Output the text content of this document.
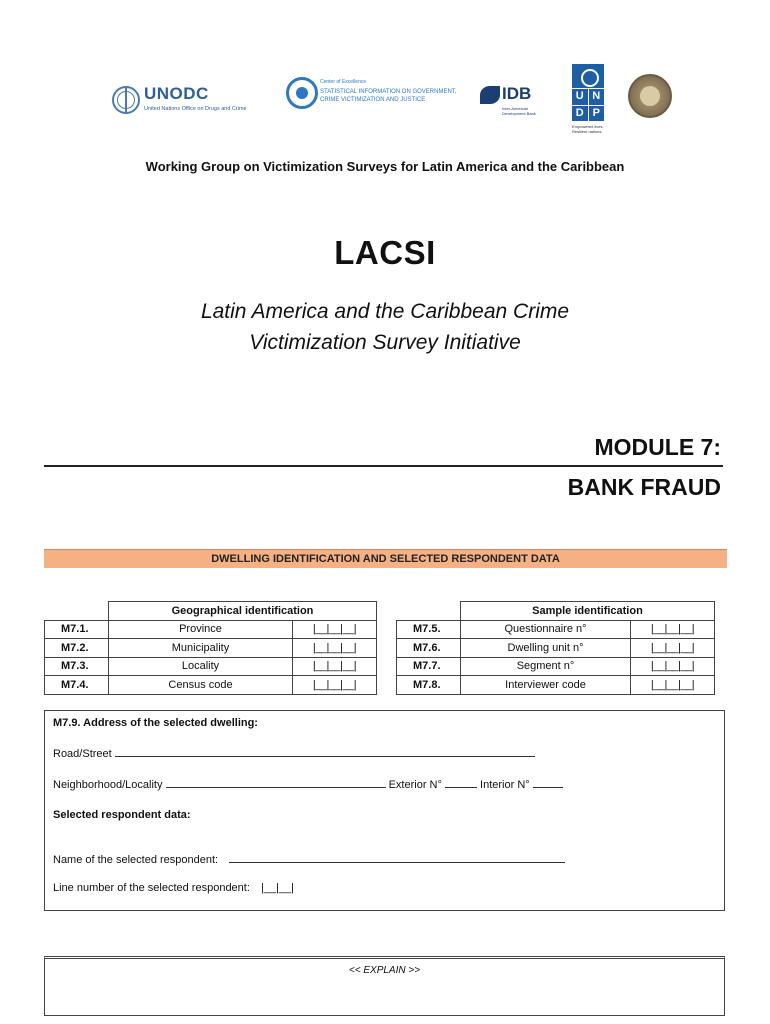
UNODC
United Nations Office on Drugs and Crime
Center of Excellence
STATISTICAL INFORMATION ON GOVERNMENT,
CRIME VICTIMIZATION AND JUSTICE	IDB
Inter-American Development Bank
U N
D P
Empowered lives. Resilient nations.
Working Group on Victimization Surveys for Latin America and the Caribbean
LACSI
Latin America and the Caribbean Crime
Victimization Survey Initiative
MODULE 7:
BANK FRAUD
DWELLING IDENTIFICATION AND SELECTED RESPONDENT DATA
	Geographical identification	
M7.1.	Province	|__|__|__|
M7.2.	Municipality	|__|__|__|
M7.3.	Locality	|__|__|__|
M7.4.	Census code	|__|__|__|
	Sample identification	
M7.5.	Questionnaire n°	|__|__|__|
M7.6.	Dwelling unit n°	|__|__|__|
M7.7.	Segment n°	|__|__|__|
M7.8.	Interviewer code	|__|__|__|
M7.9. Address of the selected dwelling:
Road/Street
Neighborhood/Locality	Exterior N°	Interior N°
Selected respondent data:
Name of the selected respondent:
Line number of the selected respondent: |__|__|
<< EXPLAIN >>
